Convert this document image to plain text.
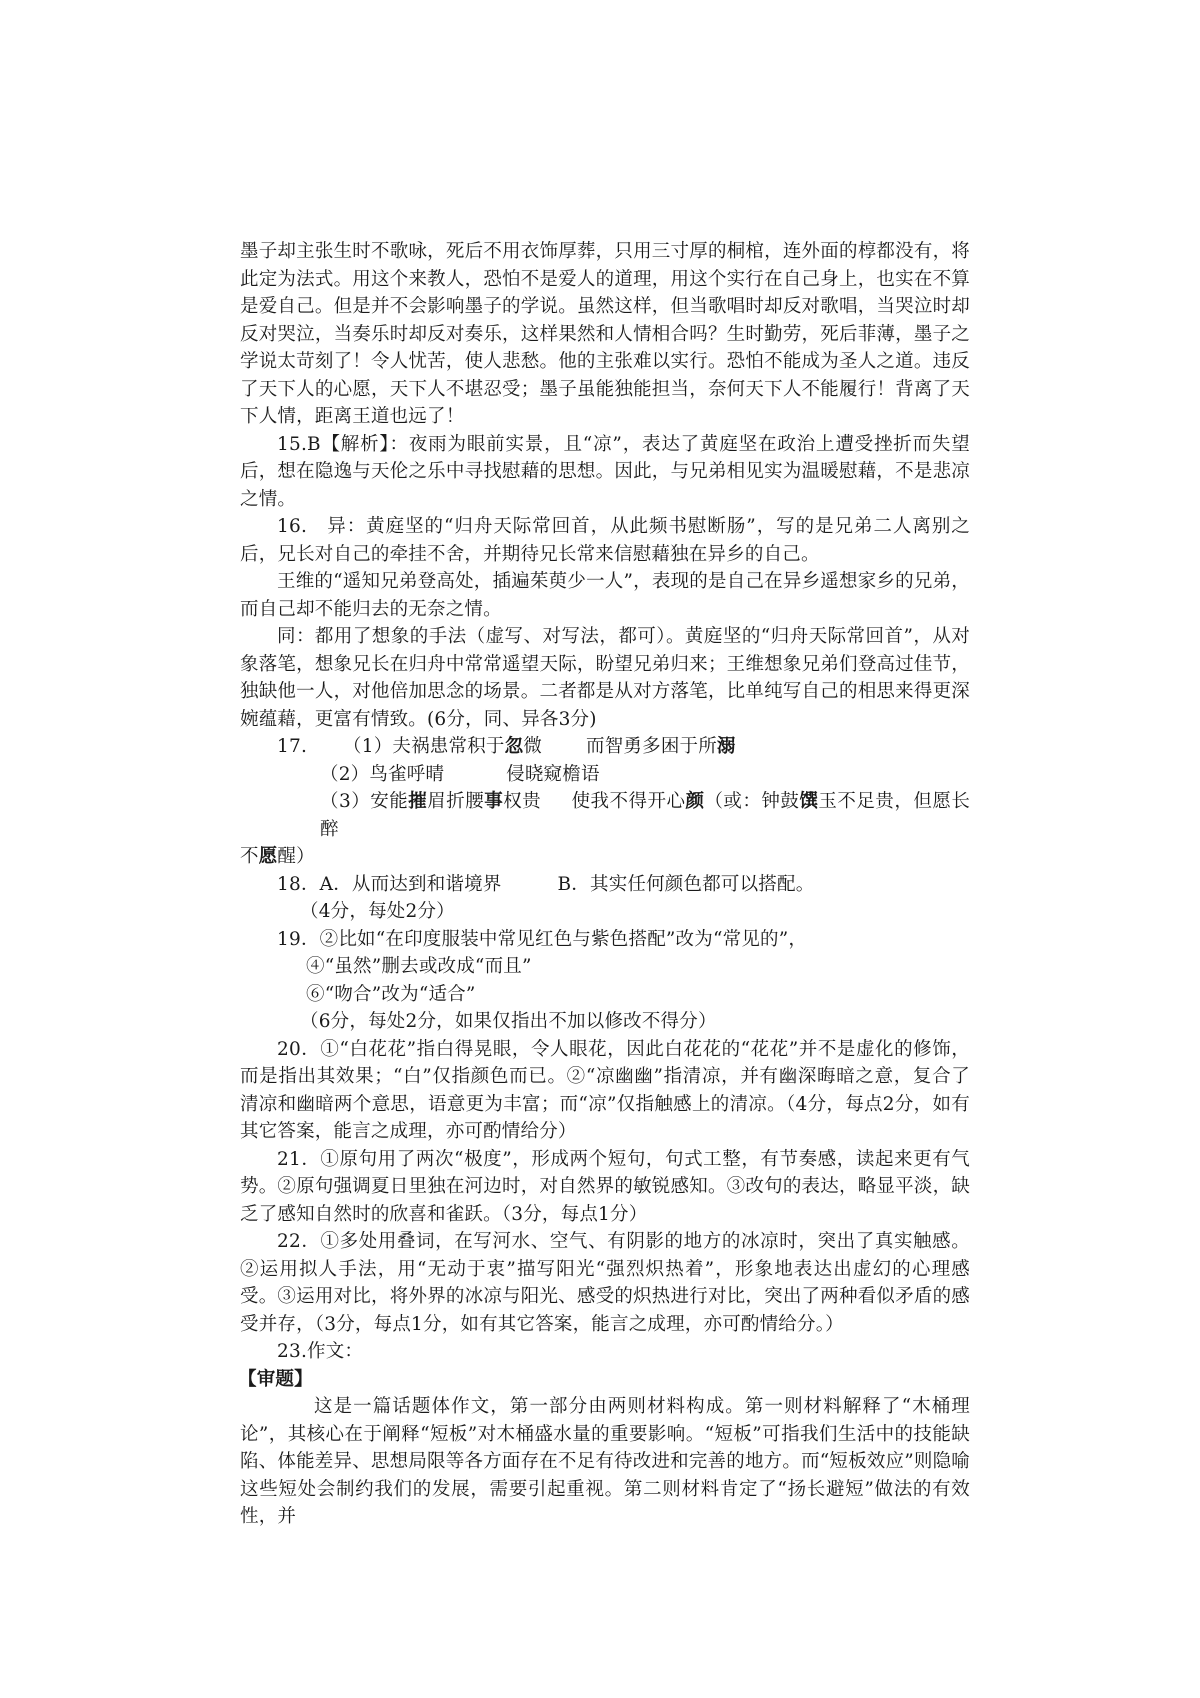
墨子却主张生时不歌咏，死后不用衣饰厚葬，只用三寸厚的桐棺，连外面的椁都没有，将此定为法式。用这个来教人，恐怕不是爱人的道理，用这个实行在自己身上，也实在不算是爱自己。但是并不会影响墨子的学说。虽然这样，但当歌唱时却反对歌唱，当哭泣时却反对哭泣，当奏乐时却反对奏乐，这样果然和人情相合吗？生时勤劳，死后菲薄，墨子之学说太苛刻了！令人忧苦，使人悲愁。他的主张难以实行。恐怕不能成为圣人之道。违反了天下人的心愿，天下人不堪忍受；墨子虽能独能担当，奈何天下人不能履行！背离了天下人情，距离王道也远了！

15.B【解析】：夜雨为眼前实景，且“凉”，表达了黄庭坚在政治上遭受挫折而失望后，想在隐逸与天伦之乐中寻找慰藉的思想。因此，与兄弟相见实为温暖慰藉，不是悲凉之情。

16.　异：黄庭坚的“归舟天际常回首，从此频书慰断肠”，写的是兄弟二人离别之后，兄长对自己的牵挂不舍，并期待兄长常来信慰藉独在异乡的自己。

王维的“遥知兄弟登高处，插遍茱萸少一人”，表现的是自己在异乡遥想家乡的兄弟，而自己却不能归去的无奈之情。

同：都用了想象的手法（虚写、对写法，都可）。黄庭坚的“归舟天际常回首”，从对象落笔，想象兄长在归舟中常常遥望天际，盼望兄弟归来；王维想象兄弟们登高过佳节，独缺他一人，对他倍加思念的场景。二者都是从对方落笔，比单纯写自己的相思来得更深婉蕴藉，更富有情致。(6分，同、异各3分)

17. （1）夫祸患常积于忽微 而智勇多困于所溺

（2）鸟雀呼晴	侵晓窥檐语

（3）安能摧眉折腰事权贵 使我不得开心颜（或：钟鼓馔玉不足贵，但愿长醉

不愿醒）

18．A．从而达到和谐境界	B．其实任何颜色都可以搭配。

（4分，每处2分）

19．②比如“在印度服装中常见红色与紫色搭配”改为“常见的”，

④“虽然”删去或改成“而且”

⑥“吻合”改为“适合”

（6分，每处2分，如果仅指出不加以修改不得分）

20．①“白花花”指白得晃眼，令人眼花，因此白花花的“花花”并不是虚化的修饰，而是指出其效果；“白”仅指颜色而已。②“凉幽幽”指清凉，并有幽深晦暗之意，复合了清凉和幽暗两个意思，语意更为丰富；而“凉”仅指触感上的清凉。（4分，每点2分，如有其它答案，能言之成理，亦可酌情给分）

21．①原句用了两次“极度”，形成两个短句，句式工整，有节奏感，读起来更有气势。②原句强调夏日里独在河边时，对自然界的敏锐感知。③改句的表达，略显平淡，缺乏了感知自然时的欣喜和雀跃。（3分，每点1分）

22．①多处用叠词，在写河水、空气、有阴影的地方的冰凉时，突出了真实触感。②运用拟人手法，用“无动于衷”描写阳光“强烈炽热着”，形象地表达出虚幻的心理感受。③运用对比，将外界的冰凉与阳光、感受的炽热进行对比，突出了两种看似矛盾的感受并存，（3分，每点1分，如有其它答案，能言之成理，亦可酌情给分。）

23.作文：

【审题】

这是一篇话题体作文，第一部分由两则材料构成。第一则材料解释了“木桶理论”，其核心在于阐释“短板”对木桶盛水量的重要影响。“短板”可指我们生活中的技能缺陷、体能差异、思想局限等各方面存在不足有待改进和完善的地方。而“短板效应”则隐喻这些短处会制约我们的发展，需要引起重视。第二则材料肯定了“扬长避短”做法的有效性，并
